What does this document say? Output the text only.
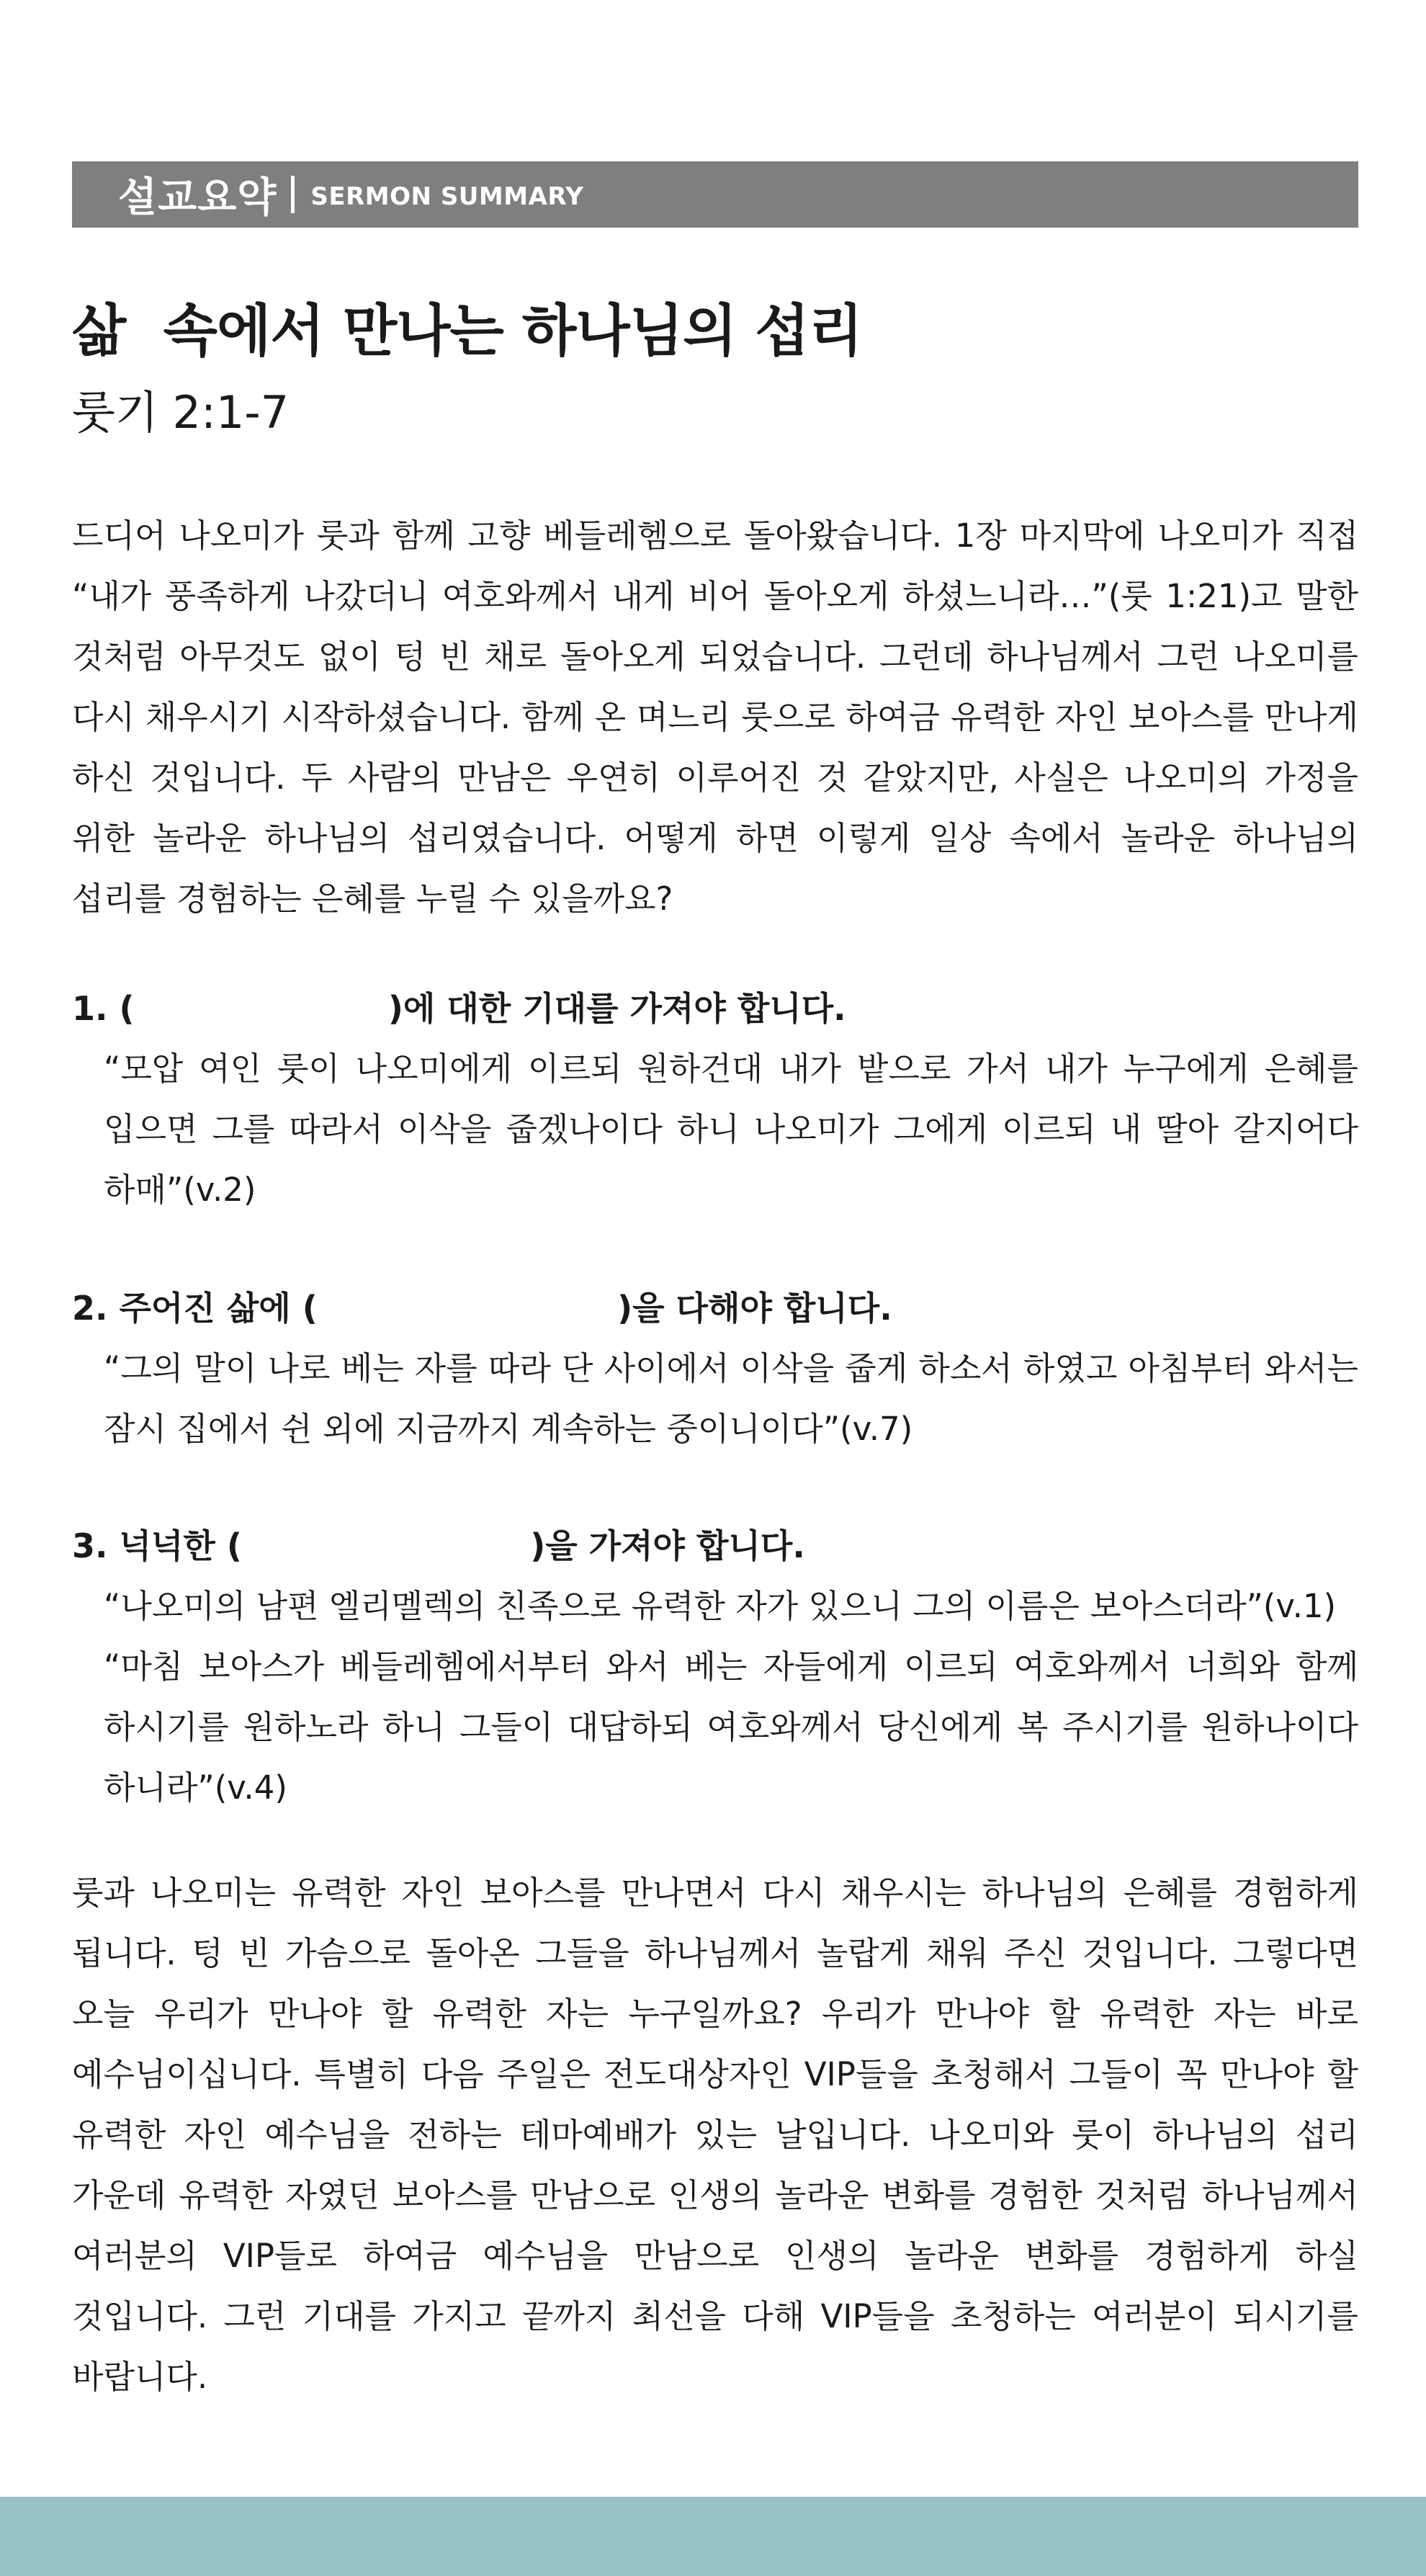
설교요약 SERMON SUMMARY
삶  속에서 만나는 하나님의 섭리
룻기 2:1-7

드디어 나오미가 룻과 함께 고향 베들레헴으로 돌아왔습니다. 1장 마지막에 나오미가 직접 “내가 풍족하게 나갔더니 여호와께서 내게 비어 돌아오게 하셨느니라…”(룻 1:21)고 말한 것처럼 아무것도 없이 텅 빈 채로 돌아오게 되었습니다. 그런데 하나님께서 그런 나오미를 다시 채우시기 시작하셨습니다. 함께 온 며느리 룻으로 하여금 유력한 자인 보아스를 만나게 하신 것입니다. 두 사람의 만남은 우연히 이루어진 것 같았지만, 사실은 나오미의 가정을 위한 놀라운 하나님의 섭리였습니다. 어떻게 하면 이렇게 일상 속에서 놀라운 하나님의 섭리를 경험하는 은혜를 누릴 수 있을까요?

1. (                      )에 대한 기대를 가져야 합니다.

“모압 여인 룻이 나오미에게 이르되 원하건대 내가 밭으로 가서 내가 누구에게 은혜를 입으면 그를 따라서 이삭을 줍겠나이다 하니 나오미가 그에게 이르되 내 딸아 갈지어다 하매”(v.2)

2. 주어진 삶에 (                          )을 다해야 합니다.

“그의 말이 나로 베는 자를 따라 단 사이에서 이삭을 줍게 하소서 하였고 아침부터 와서는 잠시 집에서 쉰 외에 지금까지 계속하는 중이니이다”(v.7)

3. 넉넉한 (                         )을 가져야 합니다.
“나오미의 남편 엘리멜렉의 친족으로 유력한 자가 있으니 그의 이름은 보아스더라”(v.1)
“마침 보아스가 베들레헴에서부터 와서 베는 자들에게 이르되 여호와께서 너희와 함께 하시기를 원하노라 하니 그들이 대답하되 여호와께서 당신에게 복 주시기를 원하나이다 하니라”(v.4)

룻과 나오미는 유력한 자인 보아스를 만나면서 다시 채우시는 하나님의 은혜를 경험하게 됩니다. 텅 빈 가슴으로 돌아온 그들을 하나님께서 놀랍게 채워 주신 것입니다. 그렇다면 오늘 우리가 만나야 할 유력한 자는 누구일까요? 우리가 만나야 할 유력한 자는 바로 예수님이십니다. 특별히 다음 주일은 전도대상자인 VIP들을 초청해서 그들이 꼭 만나야 할 유력한 자인 예수님을 전하는 테마예배가 있는 날입니다. 나오미와 룻이 하나님의 섭리 가운데 유력한 자였던 보아스를 만남으로 인생의 놀라운 변화를 경험한 것처럼 하나님께서 여러분의 VIP들로 하여금 예수님을 만남으로 인생의 놀라운 변화를 경험하게 하실 것입니다. 그런 기대를 가지고 끝까지 최선을 다해 VIP들을 초청하는 여러분이 되시기를 바랍니다.
